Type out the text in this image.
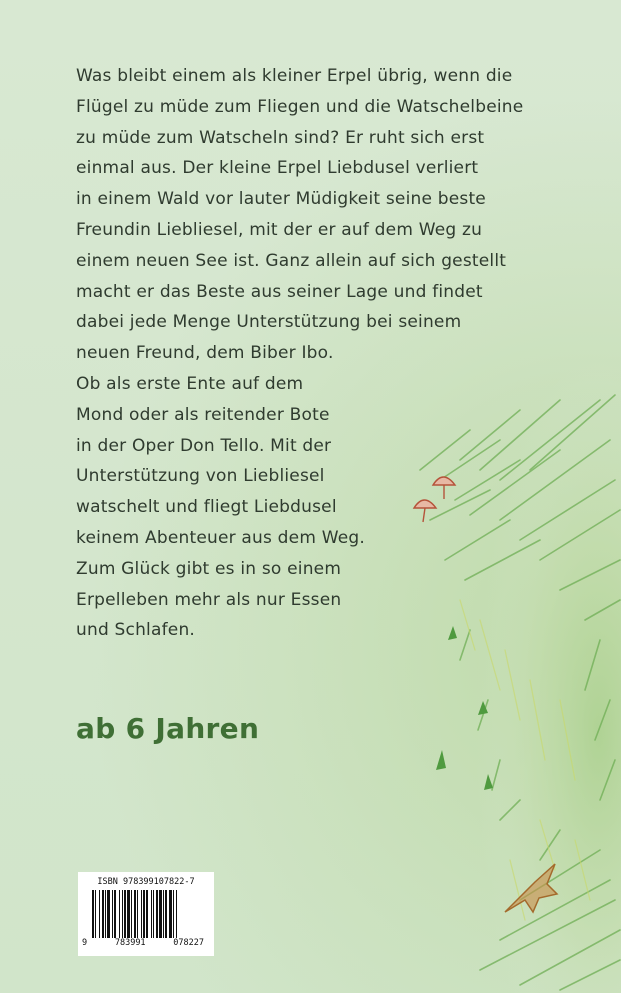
Was bleibt einem als kleiner Erpel übrig, wenn die
Flügel zu müde zum Fliegen und die Watschelbeine
zu müde zum Watscheln sind? Er ruht sich erst
einmal aus. Der kleine Erpel Liebdusel verliert
in einem Wald vor lauter Müdigkeit seine beste
Freundin Liebliesel, mit der er auf dem Weg zu
einem neuen See ist. Ganz allein auf sich gestellt
macht er das Beste aus seiner Lage und findet
dabei jede Menge Unterstützung bei seinem
neuen Freund, dem Biber Ibo.
Ob als erste Ente auf dem
Mond oder als reitender Bote
in der Oper Don Tello. Mit der
Unterstützung von Liebliesel
watschelt und fliegt Liebdusel
keinem Abenteuer aus dem Weg.
Zum Glück gibt es in so einem
Erpelleben mehr als nur Essen
und Schlafen.

ab 6 Jahren
ISBN 978399107822-7
9	783991	078227
